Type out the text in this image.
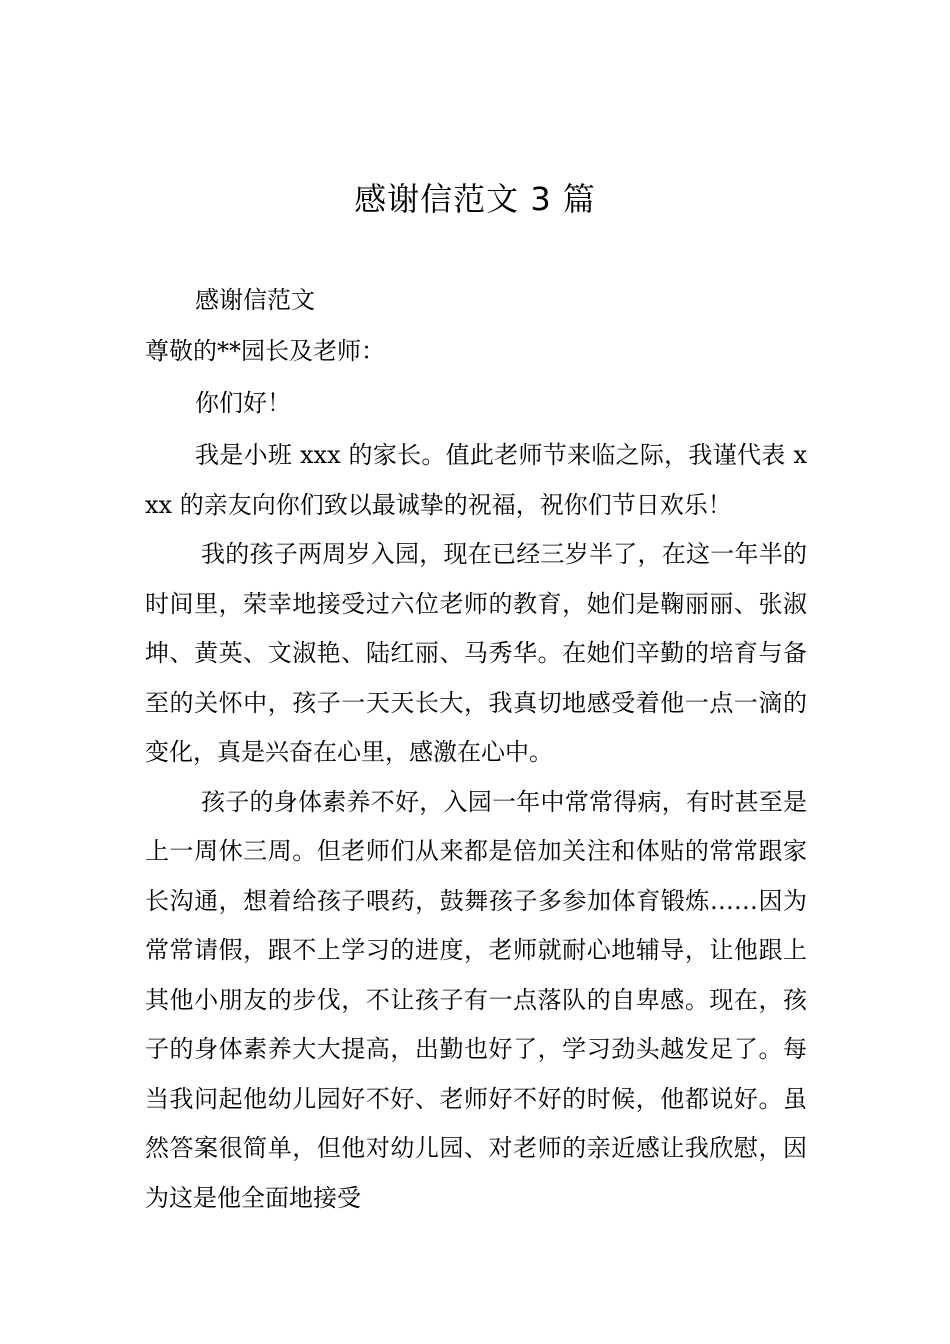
感谢信范文 3 篇

感谢信范文

尊敬的**园长及老师：

你们好！

我是小班 xxx 的家长。值此老师节来临之际，我谨代表 xxx 的亲友向你们致以最诚挚的祝福，祝你们节日欢乐！

我的孩子两周岁入园，现在已经三岁半了，在这一年半的时间里，荣幸地接受过六位老师的教育，她们是鞠丽丽、张淑坤、黄英、文淑艳、陆红丽、马秀华。在她们辛勤的培育与备至的关怀中，孩子一天天长大，我真切地感受着他一点一滴的变化，真是兴奋在心里，感激在心中。

孩子的身体素养不好，入园一年中常常得病，有时甚至是上一周休三周。但老师们从来都是倍加关注和体贴的常常跟家长沟通，想着给孩子喂药，鼓舞孩子多参加体育锻炼……因为常常请假，跟不上学习的进度，老师就耐心地辅导，让他跟上其他小朋友的步伐，不让孩子有一点落队的自卑感。现在，孩子的身体素养大大提高，出勤也好了，学习劲头越发足了。每当我问起他幼儿园好不好、老师好不好的时候，他都说好。虽然答案很简单，但他对幼儿园、对老师的亲近感让我欣慰，因为这是他全面地接受
